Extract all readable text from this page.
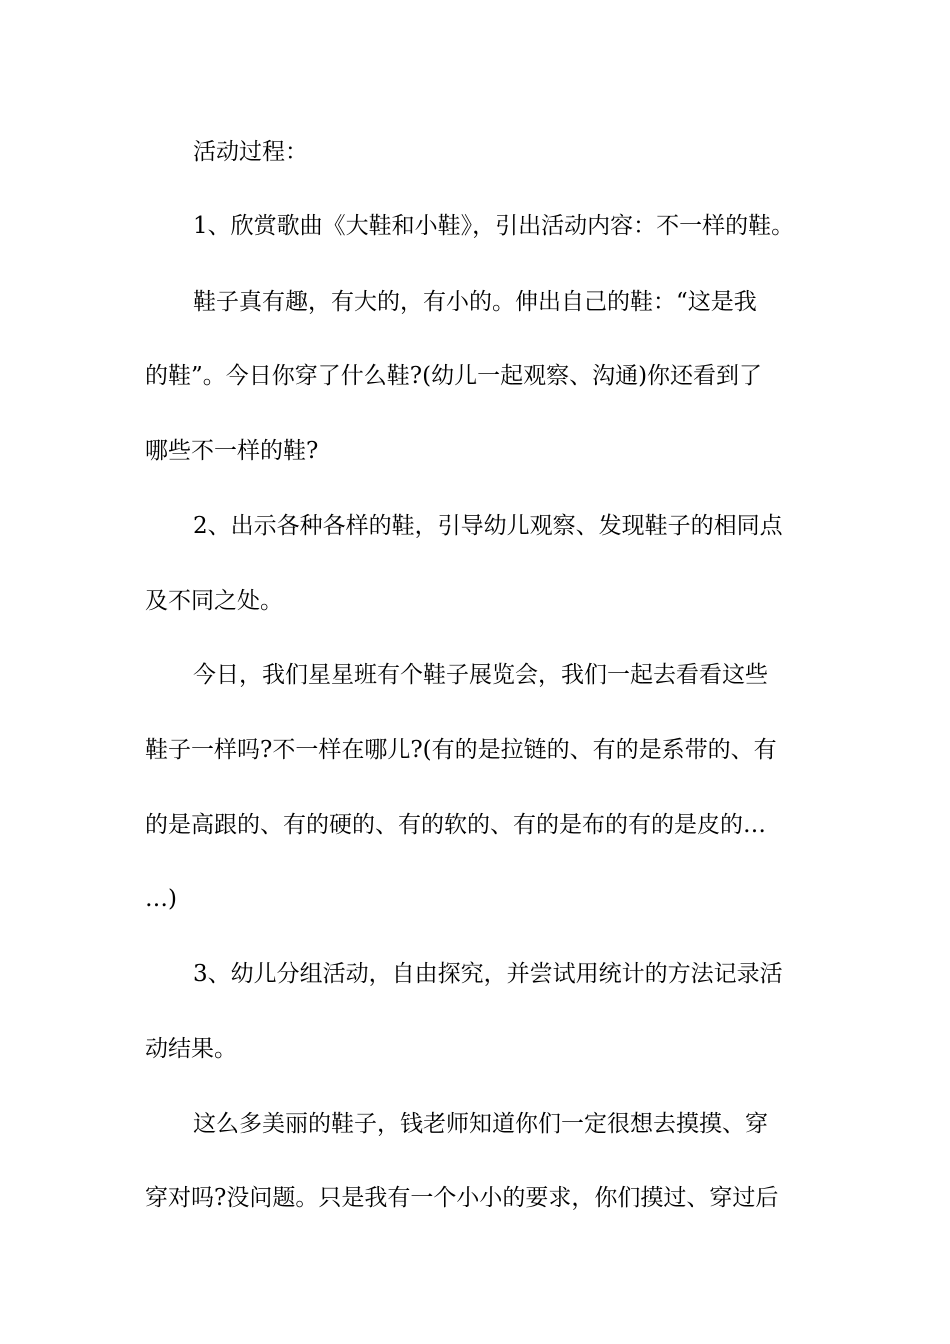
活动过程：

1、欣赏歌曲《大鞋和小鞋》，引出活动内容：不一样的鞋。

鞋子真有趣，有大的，有小的。伸出自己的鞋：“这是我

的鞋”。今日你穿了什么鞋?(幼儿一起观察、沟通)你还看到了

哪些不一样的鞋?

2、出示各种各样的鞋，引导幼儿观察、发现鞋子的相同点

及不同之处。

今日，我们星星班有个鞋子展览会，我们一起去看看这些

鞋子一样吗?不一样在哪儿?(有的是拉链的、有的是系带的、有

的是高跟的、有的硬的、有的软的、有的是布的有的是皮的…

…)

3、幼儿分组活动，自由探究，并尝试用统计的方法记录活

动结果。

这么多美丽的鞋子，钱老师知道你们一定很想去摸摸、穿

穿对吗?没问题。只是我有一个小小的要求，你们摸过、穿过后
